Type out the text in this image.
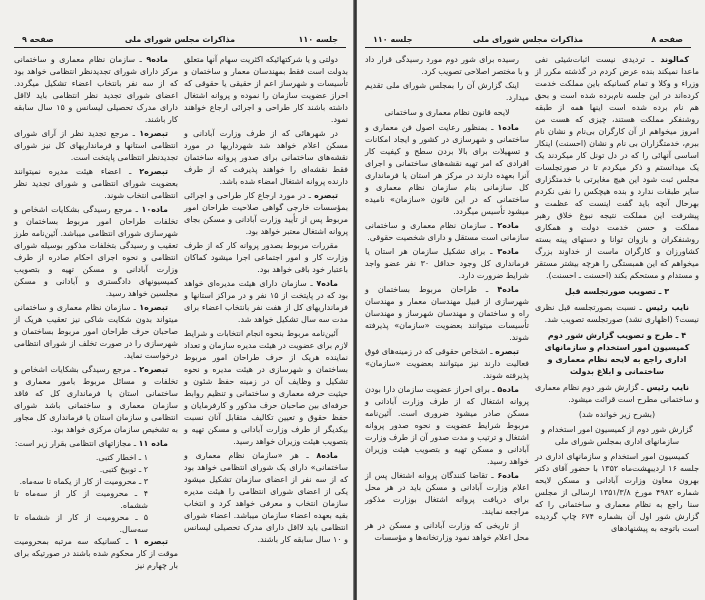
جلسه ۱۱۰
مذاکرات مجلس شورای ملی
صفحه ۹
ماده۹ ـ سازمان نظام معماری و ساختمانی مرکز دارای شورای تجدیدنظر انتظامی خواهد بود که از سه نفر بانتخاب اعضاء تشکیل میگردد. اعضای شورای تجدید نظر انتظامی باید لااقل دارای مدرک تحصیلی لیسانس و ۱۵ سال سابقه کار باشند.
تبصره۱ ـ مرجع تجدید نظر از آرای شورای انتظامی استانها و فرمانداریهای کل نیز شورای تجدیدنظر انتظامی پایتخت است.
تبصره۲ ـ اعضاء هیئت مدیره نمیتوانند بعضویت شورای انتظامی و شورای تجدید نظر انتظامی انتخاب شوند.
ماده۱۰ ـ مرجع رسیدگی بشکایات اشخاص و تخلفات طراحان امور مربوط بساختمان و شهرسازی شورای انتظامی میباشد. آئین‌نامه طرز تعقیب و رسیدگی بتخلفات مذکور بوسیله شورای انتظامی و نحوه اجرای احکام صادره از طرف وزارت آبادانی و مسکن تهیه و بتصویب کمیسیونهای دادگستری و آبادانی و مسکن مجلسین خواهد رسید.
تبصره۱ ـ سازمان نظام معماری و ساختمانی میتواند بدون شکایت شاکی نیز تعقیب هریک از صاحبان حرف طراحان امور مربوط بساختمان و شهرسازی را در صورت تخلف از شورای انتظامی درخواست نماید.
تبصره۲ ـ مرجع رسیدگی بشکایات اشخاص و تخلفات و مسائل مربوط بامور معماری و ساختمانی استان یا فرمانداری کل که فاقد سازمان معماری و ساختمانی باشد شورای انتظامی و سازمان استان یا فرمانداری کل مجاور به تشخیص سازمان مرکزی خواهد بود.
ماده ۱۱ ـ مجازاتهای انتظامی بقرار زیر است:
۱ ـ اخطار کتبی.
۲ ـ توبیخ کتبی.
۳ ـ محرومیت از کار از یکماه تا سه‌ماه.
۴ ـ محرومیت از کار از سه‌ماه تا ششماه.
۵ ـ محرومیت از کار از ششماه تا سه‌سال.
تبصره ۱ ـ کسانیکه سه مرتبه بمحرومیت موقت از کار محکوم شده باشند در صورتیکه برای بار چهارم نیز
دولتی و یا شرکتهائیکه اکثریت سهام آنها متعلق بدولت است فقط بمهندسان معمار و ساختمان و تأسیسات و شهرساز اعم از حقیقی یا حقوقی که احراز عضویت سازمان را نموده و پروانه اشتغال داشته باشند کار طراحی و اجرائی ارجاع خواهند نمود.
در شهرهائی که از طرف وزارت آبادانی و مسکن اعلام خواهد شد شهرداریها در مورد نقشه‌های ساختمانی برای صدور پروانه ساختمان فقط نقشه‌ای را خواهند پذیرفت که از طرف دارنده پروانه اشتغال امضاء شده باشد.
تبصره ـ در مورد ارجاع کار طراحی و اجرائی بمؤسسات خارجی گواهی صلاحیت طراحان امور مربوط پس از تأیید وزارت آبادانی و مسکن بجای پروانه اشتغال معتبر خواهد بود.
مقررات مربوط بصدور پروانه کار که از طرف وزارت کار و امور اجتماعی اجرا میشود کماکان باعتبار خود باقی خواهد بود.
ماده۷ ـ سازمان دارای هیئت مدیره‌ای خواهد بود که در پایتخت از ۱۵ نفر و در مراکز استانها و فرمانداریهای کل از هفت نفر بانتخاب اعضاء برای مدت سه سال تشکیل خواهد شد.
آئین‌نامه مربوط بنحوه انجام انتخابات و شرایط لازم برای عضویت در هیئت مدیره سازمان و تعداد نماینده هریک از حرف طراحان امور مربوط بساختمان و شهرسازی در هیئت مدیره و نحوه تشکیل و وظایف آن در زمینه حفظ شئون و حیثیت حرفه معماری و ساختمانی و تنظیم روابط حرفه‌ای بین صاحبان حرف مذکور و کارفرمایان و حفظ حقوق و تعیین تکالیف متقابل آنان نسبت بیکدیگر از طرف وزارت آبادانی و مسکن تهیه و بتصویب هیئت وزیران خواهد رسید.
ماده۸ ـ هر «سازمان نظام معماری و ساختمانی» دارای یک شورای انتظامی خواهد بود که از سه نفر از اعضای سازمان تشکیل میشود یکی از اعضای شورای انتظامی را هیئت مدیره سازمان انتخاب و معرفی خواهد کرد و انتخاب بقیه بعهده اعضاء سازمان میباشد. اعضاء شورای انتظامی باید لااقل دارای مدرک تحصیلی لیسانس و ۱۰ سال سابقه کار باشند.
جلسه ۱۱۰	مذاکرات مجلس شورای ملی	صفحه ۸
رسیده برای شور دوم مورد رسیدگی قرار داد و با مختصر اصلاحی تصویب کرد.
اینک گزارش آن را بمجلس شورای ملی تقدیم میدارد.
لایحه قانون نظام معماری و ساختمانی
ماده۱ ـ بمنظور رعایت اصول فن معماری و ساختمانی و شهرسازی در کشور و ایجاد امکانات و تسهیلات برای بالا بردن سطح و کیفیت کار افرادی که امر تهیه نقشه‌های ساختمانی و اجرای آنرا بعهده دارند در مرکز هر استان یا فرمانداری کل سازمانی بنام سازمان نظام معماری و ساختمانی که در این قانون «سازمان» نامیده میشود تأسیس میگردد.
ماده۲ ـ سازمان نظام معماری و ساختمانی سازمانی است مستقل و دارای شخصیت حقوقی.
ماده۳ ـ برای تشکیل سازمان هر استان یا فرمانداری کل وجود حداقل ۳۰ نفر عضو واجد شرایط ضرورت دارد.
ماده۴ ـ طراحان مربوط بساختمان و شهرسازی از قبیل مهندسان معمار و مهندسان راه و ساختمان و مهندسان شهرساز و مهندسان تأسیسات میتوانند بعضویت «سازمان» پذیرفته شوند.
تبصره ـ اشخاص حقوقی که در زمینه‌های فوق فعالیت دارند نیز میتوانند بعضویت «سازمان» پذیرفته شوند.
ماده۵ ـ برای احراز عضویت سازمان دارا بودن پروانه اشتغال که از طرف وزارت آبادانی و مسکن صادر میشود ضروری است. آئین‌نامه مربوط شرایط عضویت و نحوه صدور پروانه اشتغال و ترتیب و مدت صدور آن از طرف وزارت آبادانی و مسکن تهیه و بتصویب هیئت وزیران خواهد رسید.
ماده۶ ـ تقاضا کنندگان پروانه اشتغال پس از اعلام وزارت آبادانی و مسکن باید در هر محل برای دریافت پروانه اشتغال بوزارت مذکور مراجعه نمایند.
از تاریخی که وزارت آبادانی و مسکن در هر محل اعلام خواهد نمود وزارتخانه‌ها و مؤسسات
کمالوند ـ تردیدی نیست اثبات‌شیئی نفی ما‌عدا نمیکند بنده عرض کردم در گذشته مکرر از وزراء و وکلا و تمام کسانیکه باین مملکت خدمت کرده‌اند در این جلسه نام‌برده شده است و بحق هم نام برده شده است اینها همه از طبقه روشنفکر مملکت هستند، چیزی که هست من امروز میخواهم از آن کارگران بی‌نام و نشان نام ببرم، خدمتگزاران بی نام و نشان (احسنت) اینکار اساسی آنهائی را که در دل تونل کار میکردند یک یک میدانستم و ذکر میکردم تا در صورتجلسات مجلس ثبت شود این هیچ مغایرتی با خدمتگزاری سایر طبقات ندارد و بنده هیچکس را نفی نکردم بهرحال آنچه باید گفت اینست که عظمت و پیشرفت این مملکت نتیجه نبوغ خلاق رهبر مملکت و حسن خدمت دولت و همکاری روشنفکران و بازوان توانا و دستهای پینه بسته کشاورزان و کارگران ماست از خداوند بزرگ میخواهم که این همبستگی را هرچه بیشتر مستقر و مستدام و مستحکم بکند (احسنت ـ احسنت).
۳ ـ تصویب صورتجلسه قبل
نایب رئیس ـ نسبت بصورتجلسه قبل نظری نیست؟ (اظهاری نشد) صورتجلسه تصویب شد.
۴ ـ طرح و تصویب گزارش شور دوم کمیسیون امور استخدام و سازمانهای اداری راجع به لایحه نظام معماری و ساختمانی و ابلاغ بدولت
نایب رئیس ـ گزارش شور دوم نظام معماری و ساختمانی مطرح است قرائت میشود.
(بشرح زیر خوانده شد)
گزارش شور دوم از کمیسیون امور استخدام و سازمانهای اداری بمجلس شورای ملی
کمیسیون امور استخدام و سازمانهای اداری در جلسه ۱۶ اردیبهشت‌ماه ۱۳۵۲ با حضور آقای دکتر بهرون معاون وزارت آبادانی و مسکن لایحه شماره ۴۹۸۲ مورخ ۱۳۵۱/۳/۸ ارسالی از مجلس سنا راجع به نظام معماری و ساختمانی را که گزارش شور اول آن بشماره ۶۷۴ چاپ گردیده است باتوجه به پیشنهادهای
